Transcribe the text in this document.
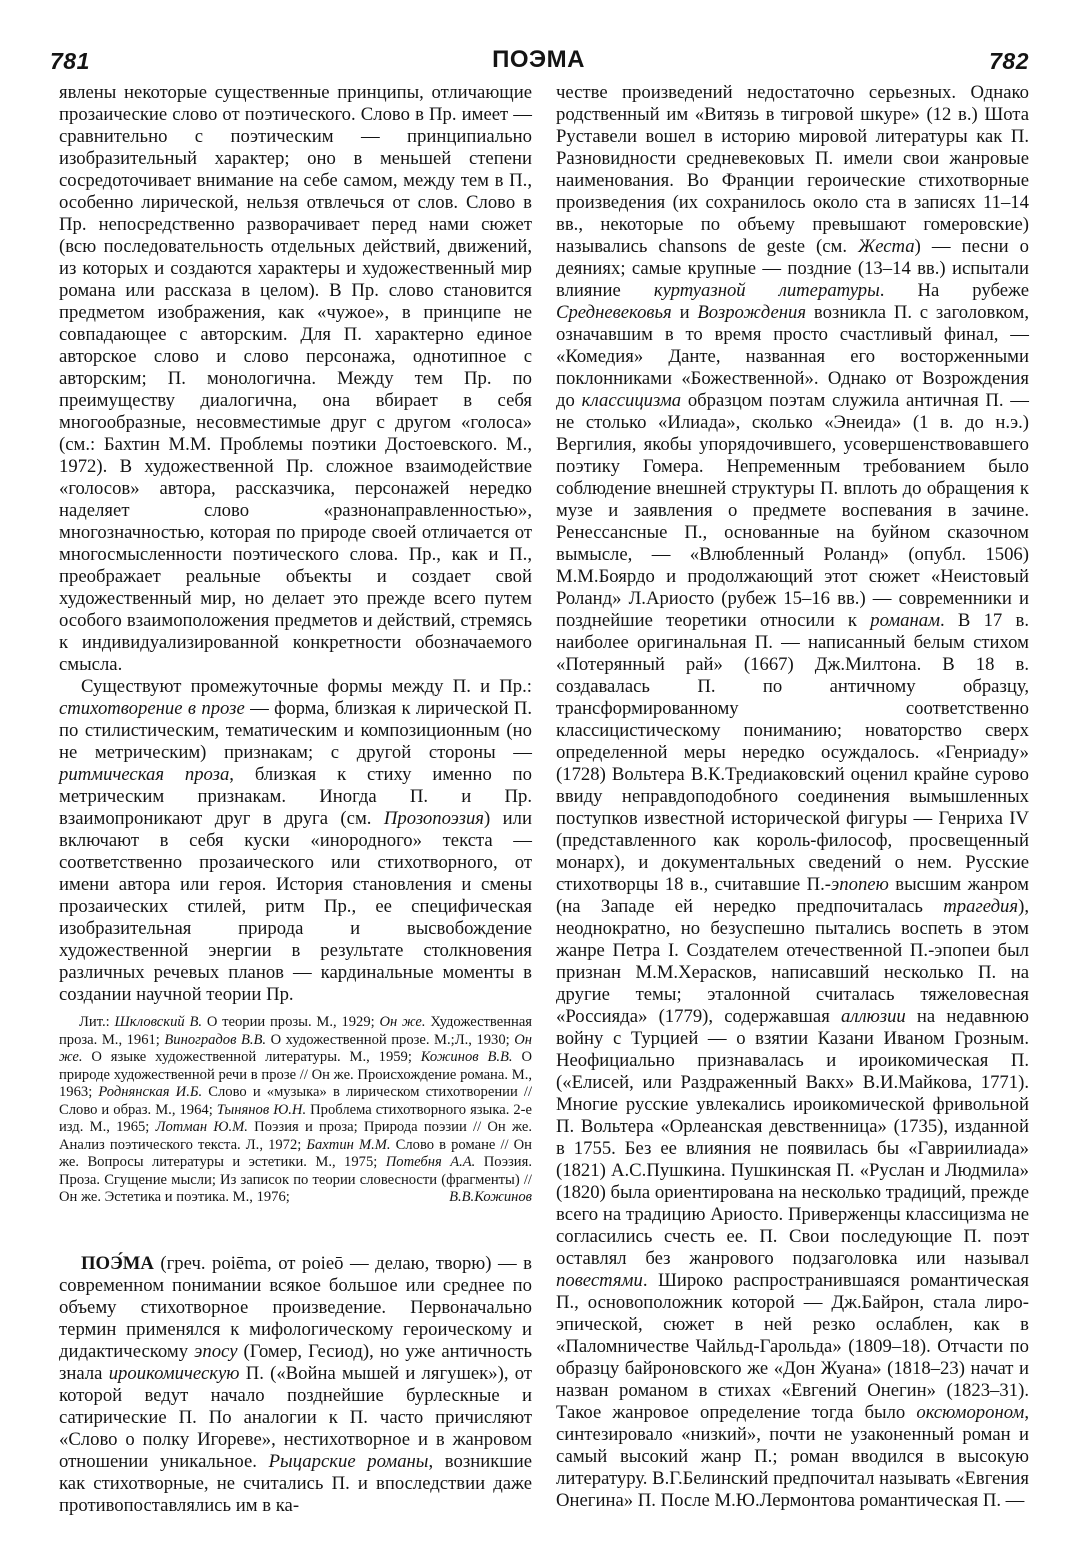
781	ПОЭМА	782

явлены некоторые существенные принципы, отличающие прозаические слово от поэтического. Слово в Пр. имеет — сравнительно с поэтическим — принципиально изобразительный характер; оно в меньшей степени сосредоточивает внимание на себе самом, между тем в П., особенно лирической, нельзя отвлечься от слов. Слово в Пр. непосредственно разворачивает перед нами сюжет (всю последовательность отдельных действий, движений, из которых и создаются характеры и художественный мир романа или рассказа в целом). В Пр. слово становится предметом изображения, как «чужое», в принципе не совпадающее с авторским. Для П. характерно единое авторское слово и слово персонажа, однотипное с авторским; П. монологична. Между тем Пр. по преимуществу диалогична, она вбирает в себя многообразные, несовместимые друг с другом «голоса» (см.: Бахтин М.М. Проблемы поэтики Достоевского. М., 1972). В художественной Пр. сложное взаимодействие «голосов» автора, рассказчика, персонажей нередко наделяет слово «разнонаправленностью», многозначностью, которая по природе своей отличается от многосмысленности поэтического слова. Пр., как и П., преображает реальные объекты и создает свой художественный мир, но делает это прежде всего путем особого взаимоположения предметов и действий, стремясь к индивидуализированной конкретности обозначаемого смысла.

Существуют промежуточные формы между П. и Пр.: стихотворение в прозе — форма, близкая к лирической П. по стилистическим, тематическим и композиционным (но не метрическим) признакам; с другой стороны — ритмическая проза, близкая к стиху именно по метрическим признакам. Иногда П. и Пр. взаимопроникают друг в друга (см. Прозопоэзия) или включают в себя куски «инородного» текста — соответственно прозаического или стихотворного, от имени автора или героя. История становления и смены прозаических стилей, ритм Пр., ее специфическая изобразительная природа и высвобождение художественной энергии в результате столкновения различных речевых планов — кардинальные моменты в создании научной теории Пр.

Лит.: Шкловский В. О теории прозы. М., 1929; Он же. Художественная проза. М., 1961; Виноградов В.В. О художественной прозе. М.;Л., 1930; Он же. О языке художественной литературы. М., 1959; Кожинов В.В. О природе художественной речи в прозе // Он же. Происхождение романа. М., 1963; Роднянская И.Б. Слово и «музыка» в лирическом стихотворении // Слово и образ. М., 1964; Тынянов Ю.Н. Проблема стихотворного языка. 2-е изд. М., 1965; Лотман Ю.М. Поэзия и проза; Природа поэзии // Он же. Анализ поэтического текста. Л., 1972; Бахтин М.М. Слово в романе // Он же. Вопросы литературы и эстетики. М., 1975; Потебня А.А. Поэзия. Проза. Сгущение мысли; Из записок по теории словесности (фрагменты) // Он же. Эстетика и поэтика. М., 1976;	В.В.Кожинов

ПОЭ́МА (греч. poiēma, от poieō — делаю, творю) — в современном понимании всякое большое или среднее по объему стихотворное произведение. Первоначально термин применялся к мифологическому героическому и дидактическому эпосу (Гомер, Гесиод), но уже античность знала ироикомическую П. («Война мышей и лягушек»), от которой ведут начало позднейшие бурлескные и сатирические П. По аналогии к П. часто причисляют «Слово о полку Игореве», нестихотворное и в жанровом отношении уникальное. Рыцарские романы, возникшие как стихотворные, не считались П. и впоследствии даже противопоставлялись им в ка-

честве произведений недостаточно серьезных. Однако родственный им «Витязь в тигровой шкуре» (12 в.) Шота Руставели вошел в историю мировой литературы как П. Разновидности средневековых П. имели свои жанровые наименования. Во Франции героические стихотворные произведения (их сохранилось около ста в записях 11–14 вв., некоторые по объему превышают гомеровские) назывались chansons de geste (см. Жеста) — песни о деяниях; самые крупные — поздние (13–14 вв.) испытали влияние куртуазной литературы. На рубеже Средневековья и Возрождения возникла П. с заголовком, означавшим в то время просто счастливый финал, — «Комедия» Данте, названная его восторженными поклонниками «Божественной». Однако от Возрождения до классицизма образцом поэтам служила античная П. — не столько «Илиада», сколько «Энеида» (1 в. до н.э.) Вергилия, якобы упорядочившего, усовершенствовавшего поэтику Гомера. Непременным требованием было соблюдение внешней структуры П. вплоть до обращения к музе и заявления о предмете воспевания в зачине. Ренессансные П., основанные на буйном сказочном вымысле, — «Влюбленный Роланд» (опубл. 1506) М.М.Боярдо и продолжающий этот сюжет «Неистовый Роланд» Л.Ариосто (рубеж 15–16 вв.) — современники и позднейшие теоретики относили к романам. В 17 в. наиболее оригинальная П. — написанный белым стихом «Потерянный рай» (1667) Дж.Милтона. В 18 в. создавалась П. по античному образцу, трансформированному соответственно классицистическому пониманию; новаторство сверх определенной меры нередко осуждалось. «Генриаду» (1728) Вольтера В.К.Тредиаковский оценил крайне сурово ввиду неправдоподобного соединения вымышленных поступков известной исторической фигуры — Генриха IV (представленного как король-философ, просвещенный монарх), и документальных сведений о нем. Русские стихотворцы 18 в., считавшие П.-эпопею высшим жанром (на Западе ей нередко предпочиталась трагедия), неоднократно, но безуспешно пытались воспеть в этом жанре Петра I. Создателем отечественной П.-эпопеи был признан М.М.Херасков, написавший несколько П. на другие темы; эталонной считалась тяжеловесная «Россияда» (1779), содержавшая аллюзии на недавнюю войну с Турцией — о взятии Казани Иваном Грозным. Неофициально признавалась и ироикомическая П. («Елисей, или Раздраженный Вакх» В.И.Майкова, 1771). Многие русские увлекались ироикомической фривольной П. Вольтера «Орлеанская девственница» (1735), изданной в 1755. Без ее влияния не появилась бы «Гавриилиада» (1821) А.С.Пушкина. Пушкинская П. «Руслан и Людмила» (1820) была ориентирована на несколько традиций, прежде всего на традицию Ариосто. Приверженцы классицизма не согласились счесть ее. П. Свои последующие П. поэт оставлял без жанрового подзаголовка или называл повестями. Широко распространившаяся романтическая П., основоположник которой — Дж.Байрон, стала лиро-эпической, сюжет в ней резко ослаблен, как в «Паломничестве Чайльд-Гарольда» (1809–18). Отчасти по образцу байроновского же «Дон Жуана» (1818–23) начат и назван романом в стихах «Евгений Онегин» (1823–31). Такое жанровое определение тогда было оксюмороном, синтезировало «низкий», почти не узаконенный роман и самый высокий жанр П.; роман вводился в высокую литературу. В.Г.Белинский предпочитал называть «Евгения Онегина» П. После М.Ю.Лермонтова романтическая П. —
